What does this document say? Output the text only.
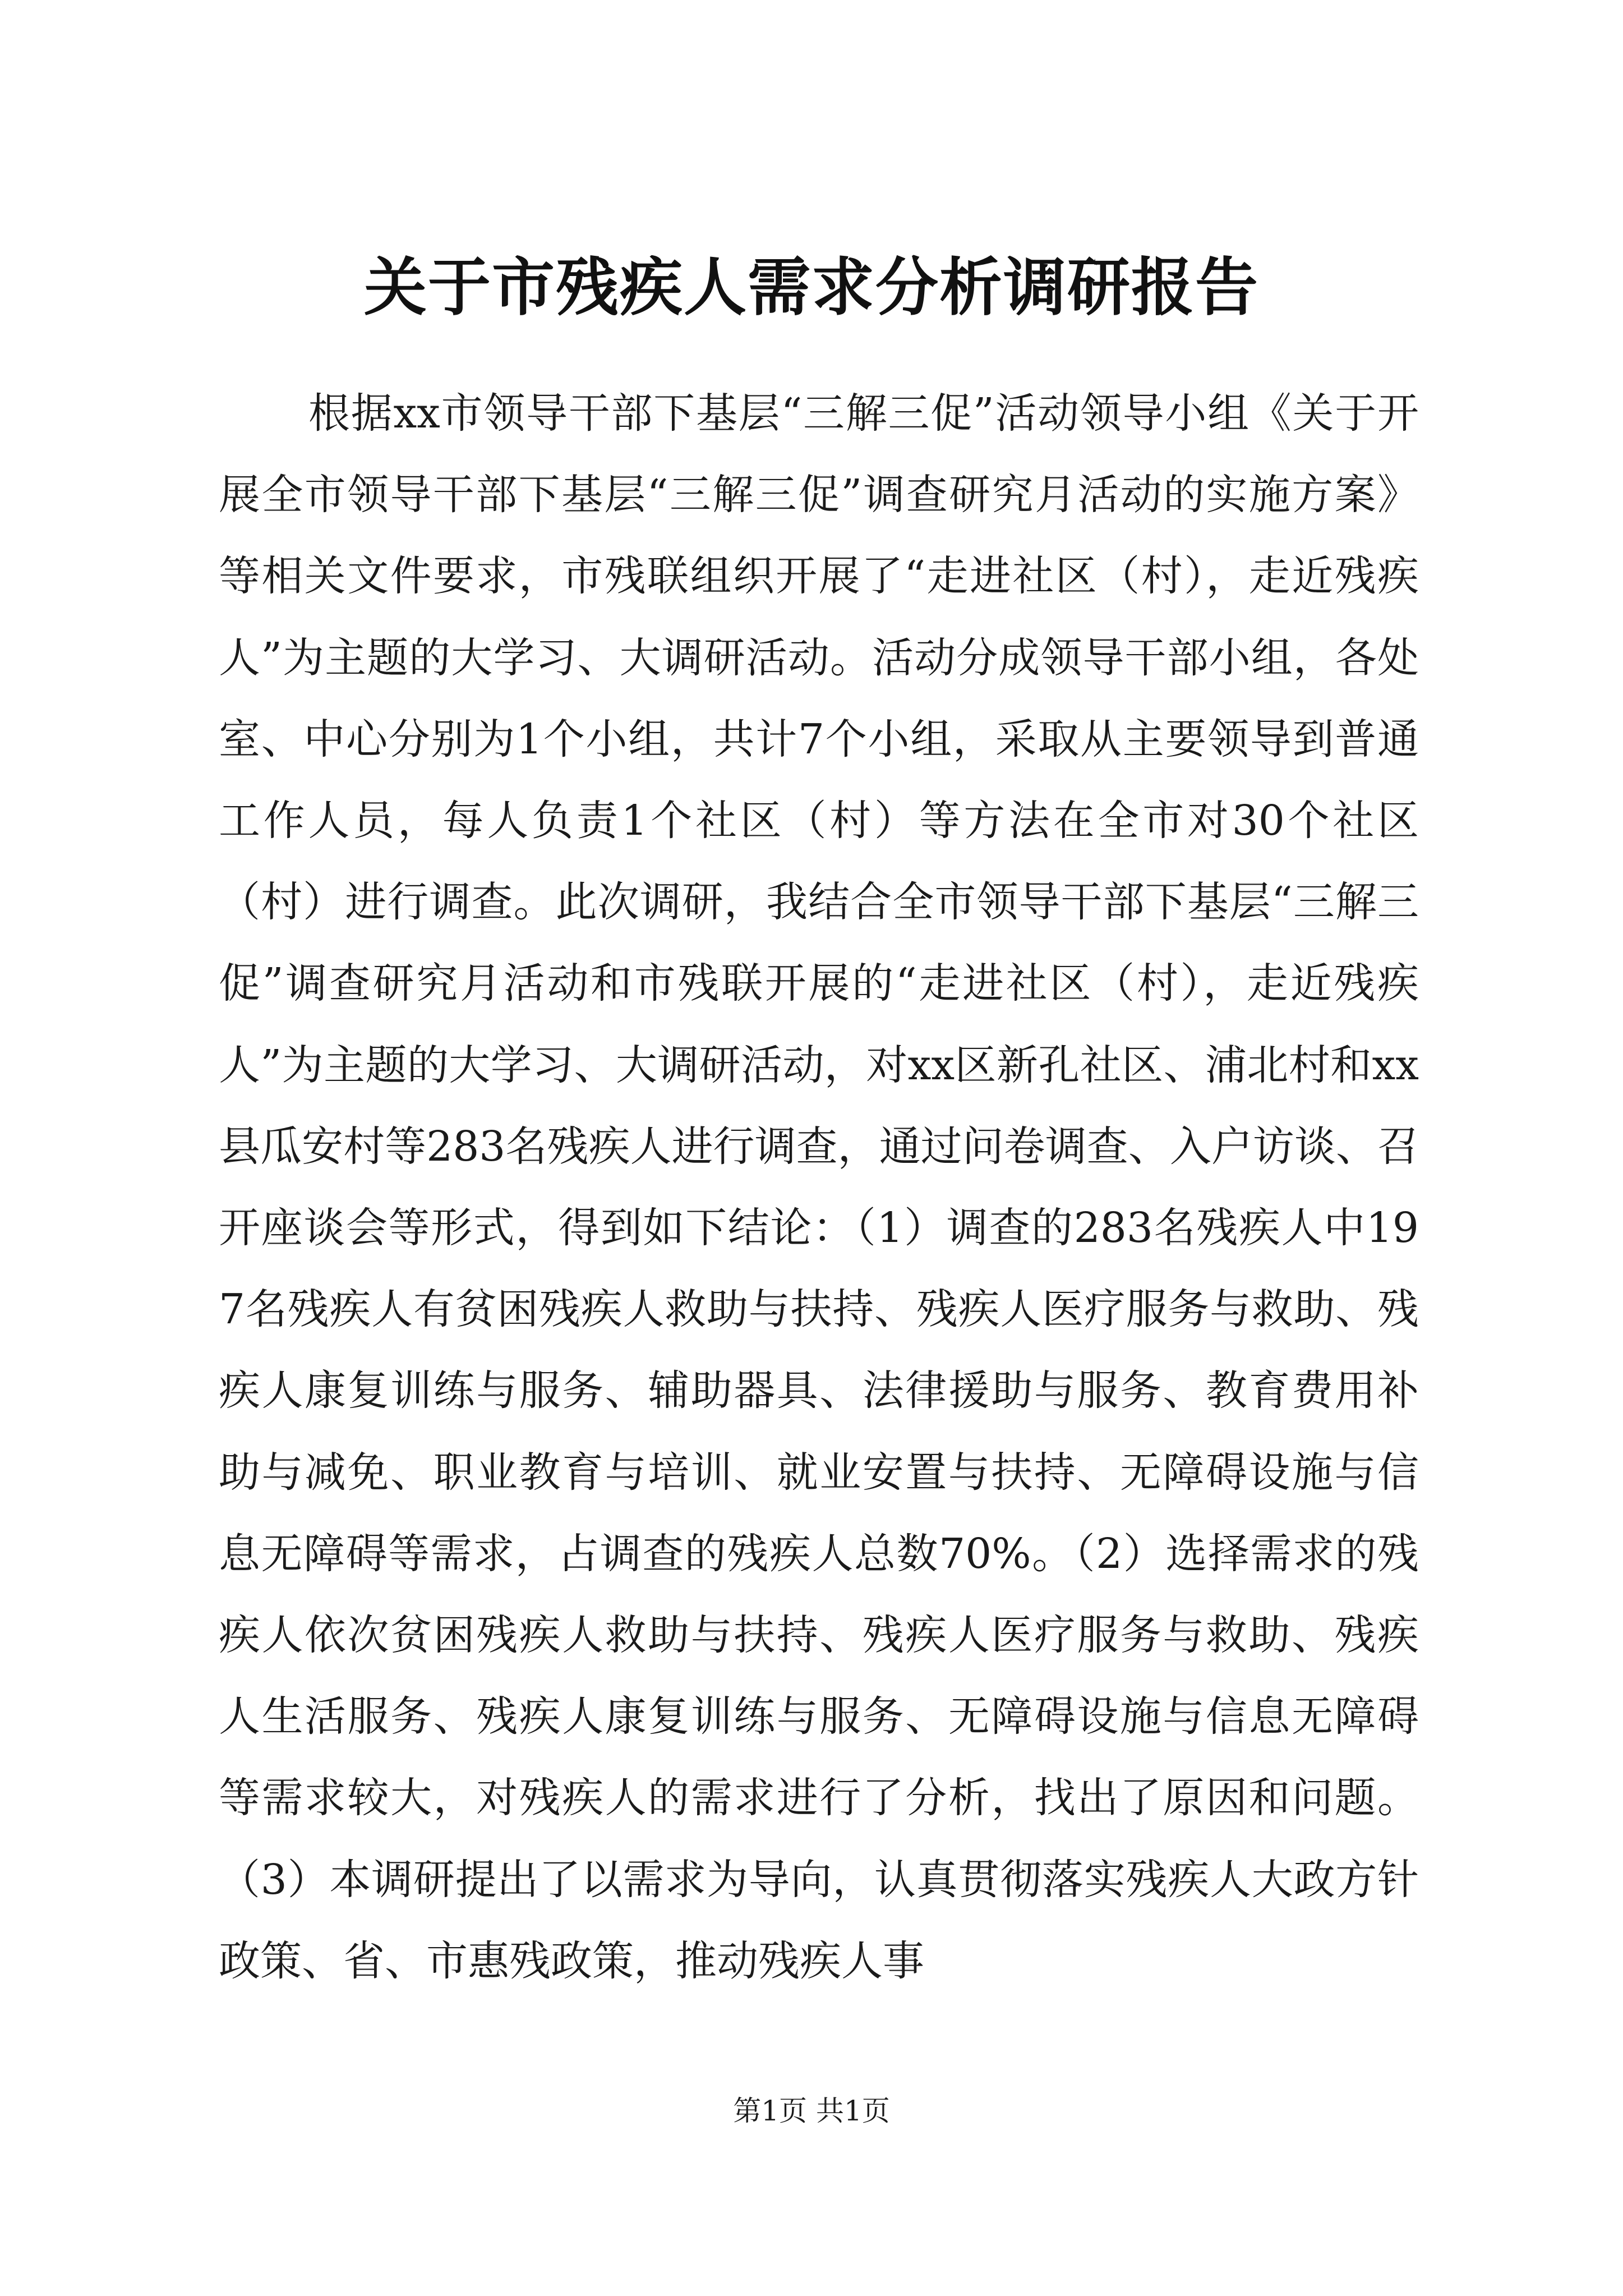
关于市残疾人需求分析调研报告

根据xx市领导干部下基层“三解三促”活动领导小组《关于开展全市领导干部下基层“三解三促”调查研究月活动的实施方案》等相关文件要求，市残联组织开展了“走进社区（村），走近残疾人”为主题的大学习、大调研活动。活动分成领导干部小组，各处室、中心分别为1个小组，共计7个小组，采取从主要领导到普通工作人员，每人负责1个社区（村）等方法在全市对30个社区（村）进行调查。此次调研，我结合全市领导干部下基层“三解三促”调查研究月活动和市残联开展的“走进社区（村），走近残疾人”为主题的大学习、大调研活动，对xx区新孔社区、浦北村和xx县瓜安村等283名残疾人进行调查，通过问卷调查、入户访谈、召开座谈会等形式，得到如下结论：（1）调查的283名残疾人中197名残疾人有贫困残疾人救助与扶持、残疾人医疗服务与救助、残疾人康复训练与服务、辅助器具、法律援助与服务、教育费用补助与减免、职业教育与培训、就业安置与扶持、无障碍设施与信息无障碍等需求，占调查的残疾人总数70%。（2）选择需求的残疾人依次贫困残疾人救助与扶持、残疾人医疗服务与救助、残疾人生活服务、残疾人康复训练与服务、无障碍设施与信息无障碍等需求较大，对残疾人的需求进行了分析，找出了原因和问题。（3）本调研提出了以需求为导向，认真贯彻落实残疾人大政方针政策、省、市惠残政策，推动残疾人事

第1页 共1页
